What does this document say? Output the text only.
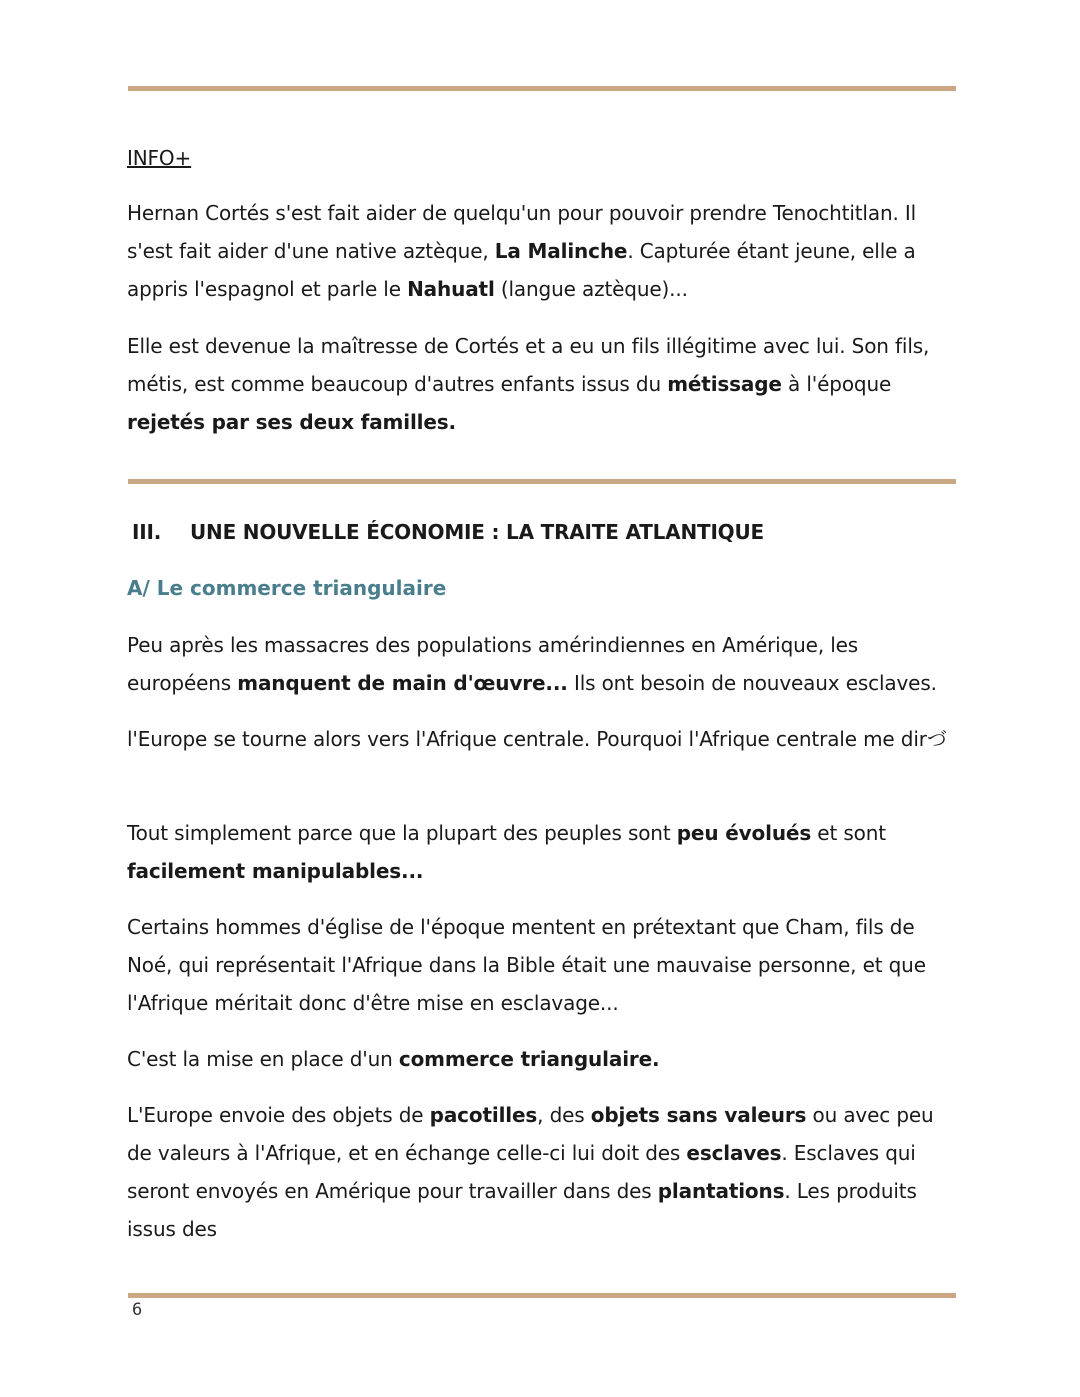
INFO+

Hernan Cortés s'est fait aider de quelqu'un pour pouvoir prendre Tenochtitlan. Il s'est fait aider d'une native aztèque, La Malinche. Capturée étant jeune, elle a appris l'espagnol et parle le Nahuatl (langue aztèque)...

Elle est devenue la maîtresse de Cortés et a eu un fils illégitime avec lui. Son fils, métis, est comme beaucoup d'autres enfants issus du métissage à l'époque rejetés par ses deux familles.

III. UNE NOUVELLE ÉCONOMIE : LA TRAITE ATLANTIQUE
A/ Le commerce triangulaire

Peu après les massacres des populations amérindiennes en Amérique, les européens manquent de main d'œuvre... Ils ont besoin de nouveaux esclaves.

l'Europe se tourne alors vers l'Afrique centrale. Pourquoi l'Afrique centrale me dirづ

Tout simplement parce que la plupart des peuples sont peu évolués et sont facilement manipulables...

Certains hommes d'église de l'époque mentent en prétextant que Cham, fils de Noé, qui représentait l'Afrique dans la Bible était une mauvaise personne, et que l'Afrique méritait donc d'être mise en esclavage...

C'est la mise en place d'un commerce triangulaire.

L'Europe envoie des objets de pacotilles, des objets sans valeurs ou avec peu de valeurs à l'Afrique, et en échange celle-ci lui doit des esclaves. Esclaves qui seront envoyés en Amérique pour travailler dans des plantations. Les produits issus des

6
